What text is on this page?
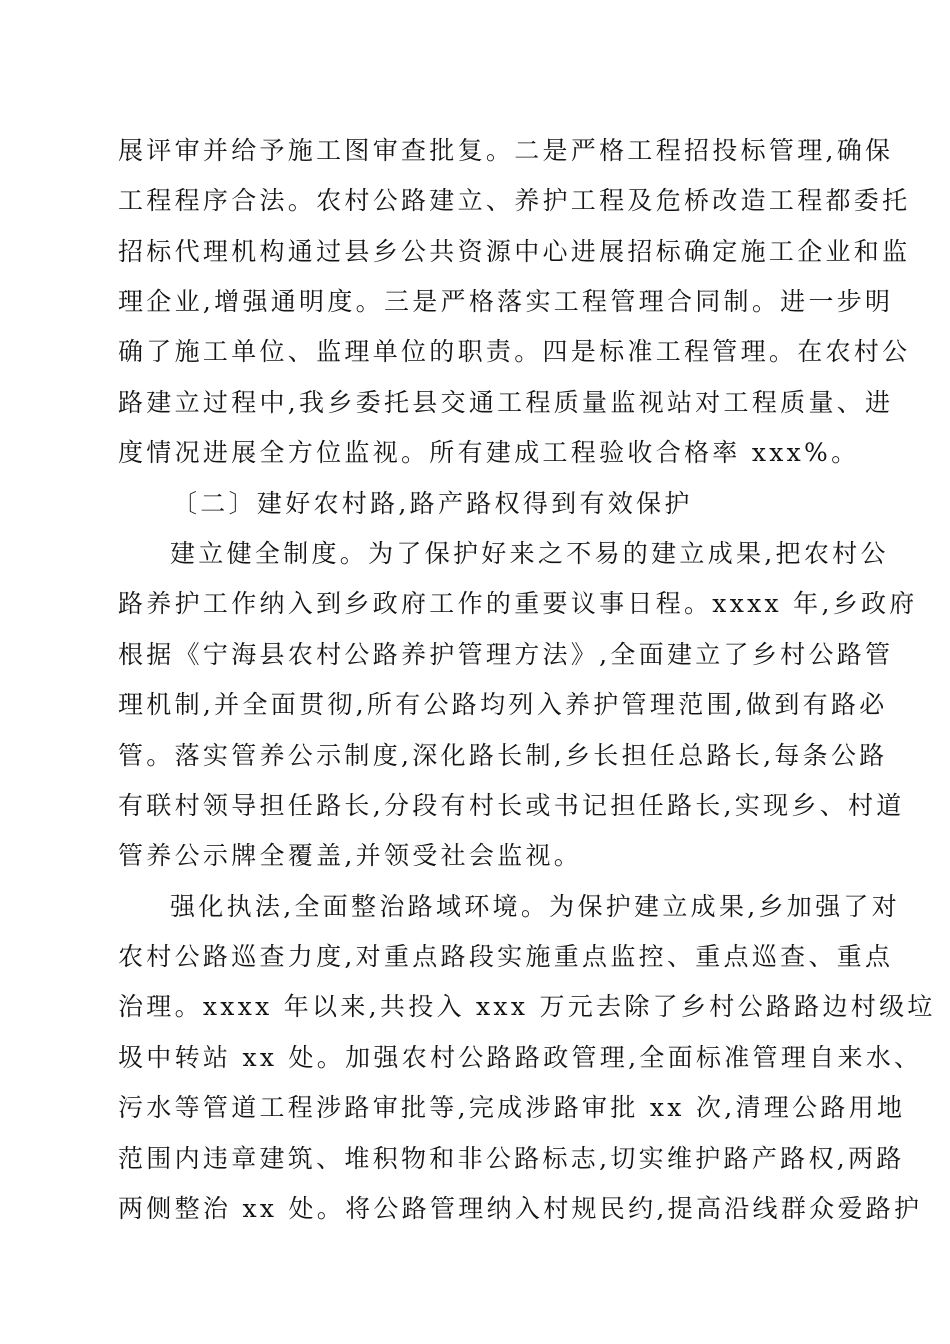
展评审并给予施工图审查批复。二是严格工程招投标管理,确保
工程程序合法。农村公路建立、养护工程及危桥改造工程都委托
招标代理机构通过县乡公共资源中心进展招标确定施工企业和监
理企业,增强通明度。三是严格落实工程管理合同制。进一步明
确了施工单位、监理单位的职责。四是标准工程管理。在农村公
路建立过程中,我乡委托县交通工程质量监视站对工程质量、进
度情况进展全方位监视。所有建成工程验收合格率 xxx%。
〔二〕建好农村路,路产路权得到有效保护
建立健全制度。为了保护好来之不易的建立成果,把农村公
路养护工作纳入到乡政府工作的重要议事日程。xxxx 年,乡政府
根据《宁海县农村公路养护管理方法》,全面建立了乡村公路管
理机制,并全面贯彻,所有公路均列入养护管理范围,做到有路必
管。落实管养公示制度,深化路长制,乡长担任总路长,每条公路
有联村领导担任路长,分段有村长或书记担任路长,实现乡、村道
管养公示牌全覆盖,并领受社会监视。
强化执法,全面整治路域环境。为保护建立成果,乡加强了对
农村公路巡查力度,对重点路段实施重点监控、重点巡查、重点
治理。xxxx 年以来,共投入 xxx 万元去除了乡村公路路边村级垃
圾中转站 xx 处。加强农村公路路政管理,全面标准管理自来水、
污水等管道工程涉路审批等,完成涉路审批 xx 次,清理公路用地
范围内违章建筑、堆积物和非公路标志,切实维护路产路权,两路
两侧整治 xx 处。将公路管理纳入村规民约,提高沿线群众爱路护
